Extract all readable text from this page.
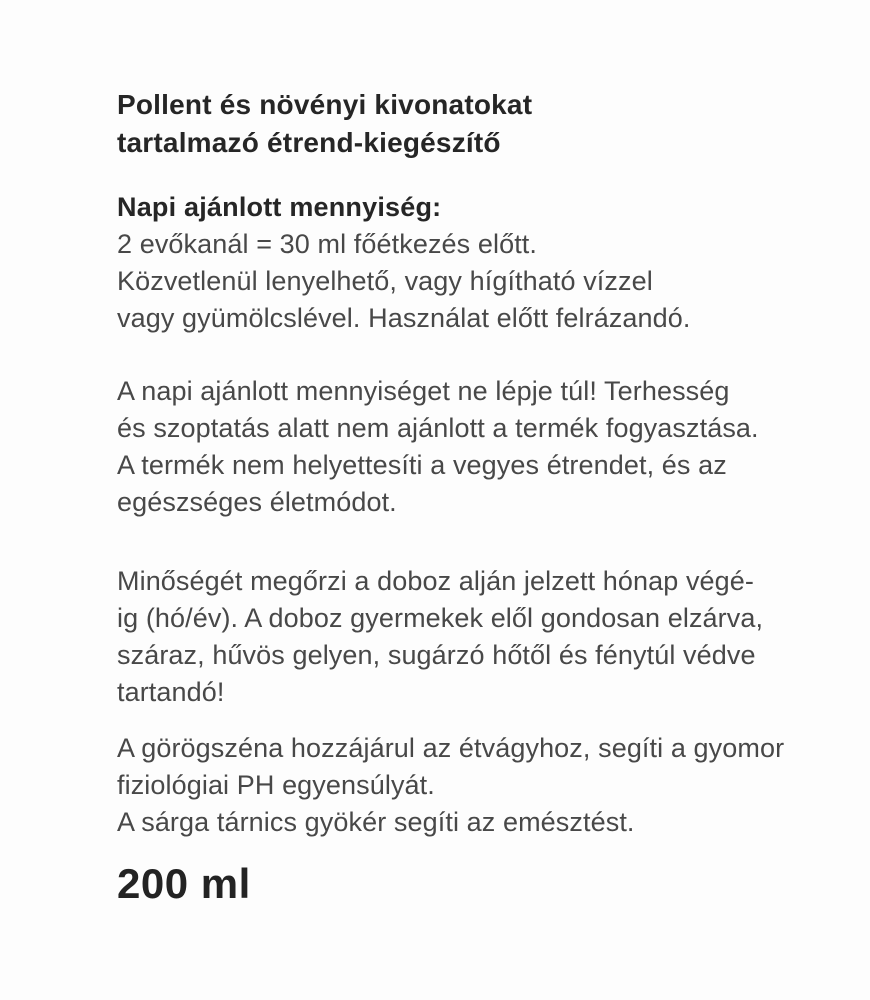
Pollent és növényi kivonatokat
tartalmazó étrend-kiegészítő
Napi ajánlott mennyiség:
2 evőkanál = 30 ml főétkezés előtt.
Közvetlenül lenyelhető, vagy hígítható vízzel
vagy gyümölcslével. Használat előtt felrázandó.
A napi ajánlott mennyiséget ne lépje túl! Terhesség
és szoptatás alatt nem ajánlott a termék fogyasztása.
A termék nem helyettesíti a vegyes étrendet, és az
egészséges életmódot.
Minőségét megőrzi a doboz alján jelzett hónap végé-
ig (hó/év). A doboz gyermekek elől gondosan elzárva,
száraz, hűvös gelyen, sugárzó hőtől és fénytúl védve
tartandó!
A görögszéna hozzájárul az étvágyhoz, segíti a gyomor
fiziológiai PH egyensúlyát.
A sárga tárnics gyökér segíti az emésztést.
200 ml
